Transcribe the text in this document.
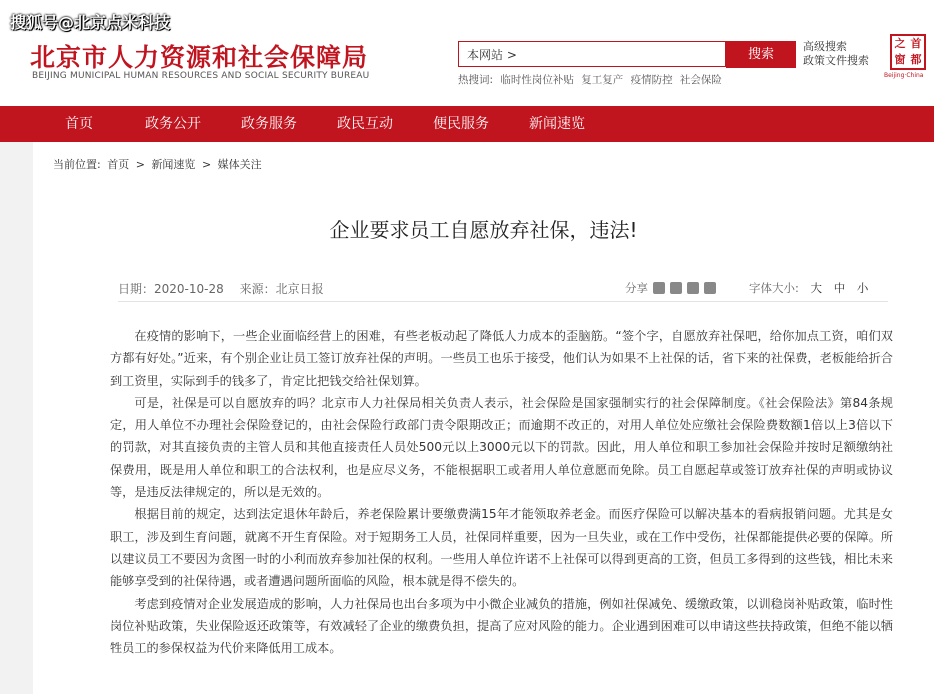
搜狐号@北京点米科技
北京市人力资源和社会保障局
BEIJING MUNICIPAL HUMAN RESOURCES AND SOCIAL SECURITY BUREAU
本网站 >	搜索
高级搜索
政策文件搜索
热搜词: 临时性岗位补贴 复工复产 疫情防控 社会保险
之 首
窗 都
Beijing·China
首页	政务公开	政务服务	政民互动	便民服务	新闻速览
当前位置: 首页 > 新闻速览 > 媒体关注
企业要求员工自愿放弃社保，违法!
日期：2020-10-28 来源：北京日报	分享	字体大小: 大 中 小

在疫情的影响下，一些企业面临经营上的困难，有些老板动起了降低人力成本的歪脑筋。“签个字，自愿放弃社保吧，给你加点工资，咱们双方都有好处。”近来，有个别企业让员工签订放弃社保的声明。一些员工也乐于接受，他们认为如果不上社保的话，省下来的社保费，老板能给折合到工资里，实际到手的钱多了，肯定比把钱交给社保划算。

可是，社保是可以自愿放弃的吗？北京市人力社保局相关负责人表示，社会保险是国家强制实行的社会保障制度。《社会保险法》第84条规定，用人单位不办理社会保险登记的，由社会保险行政部门责令限期改正；而逾期不改正的，对用人单位处应缴社会保险费数额1倍以上3倍以下的罚款，对其直接负责的主管人员和其他直接责任人员处500元以上3000元以下的罚款。因此，用人单位和职工参加社会保险并按时足额缴纳社保费用，既是用人单位和职工的合法权利，也是应尽义务，不能根据职工或者用人单位意愿而免除。员工自愿起草或签订放弃社保的声明或协议等，是违反法律规定的，所以是无效的。

根据目前的规定，达到法定退休年龄后，养老保险累计要缴费满15年才能领取养老金。而医疗保险可以解决基本的看病报销问题。尤其是女职工，涉及到生育问题，就离不开生育保险。对于短期务工人员，社保同样重要，因为一旦失业，或在工作中受伤，社保都能提供必要的保障。所以建议员工不要因为贪图一时的小利而放弃参加社保的权利。一些用人单位许诺不上社保可以得到更高的工资，但员工多得到的这些钱，相比未来能够享受到的社保待遇，或者遭遇问题所面临的风险，根本就是得不偿失的。

考虑到疫情对企业发展造成的影响，人力社保局也出台多项为中小微企业减负的措施，例如社保减免、缓缴政策，以训稳岗补贴政策，临时性岗位补贴政策，失业保险返还政策等，有效减轻了企业的缴费负担，提高了应对风险的能力。企业遇到困难可以申请这些扶持政策，但绝不能以牺牲员工的参保权益为代价来降低用工成本。
